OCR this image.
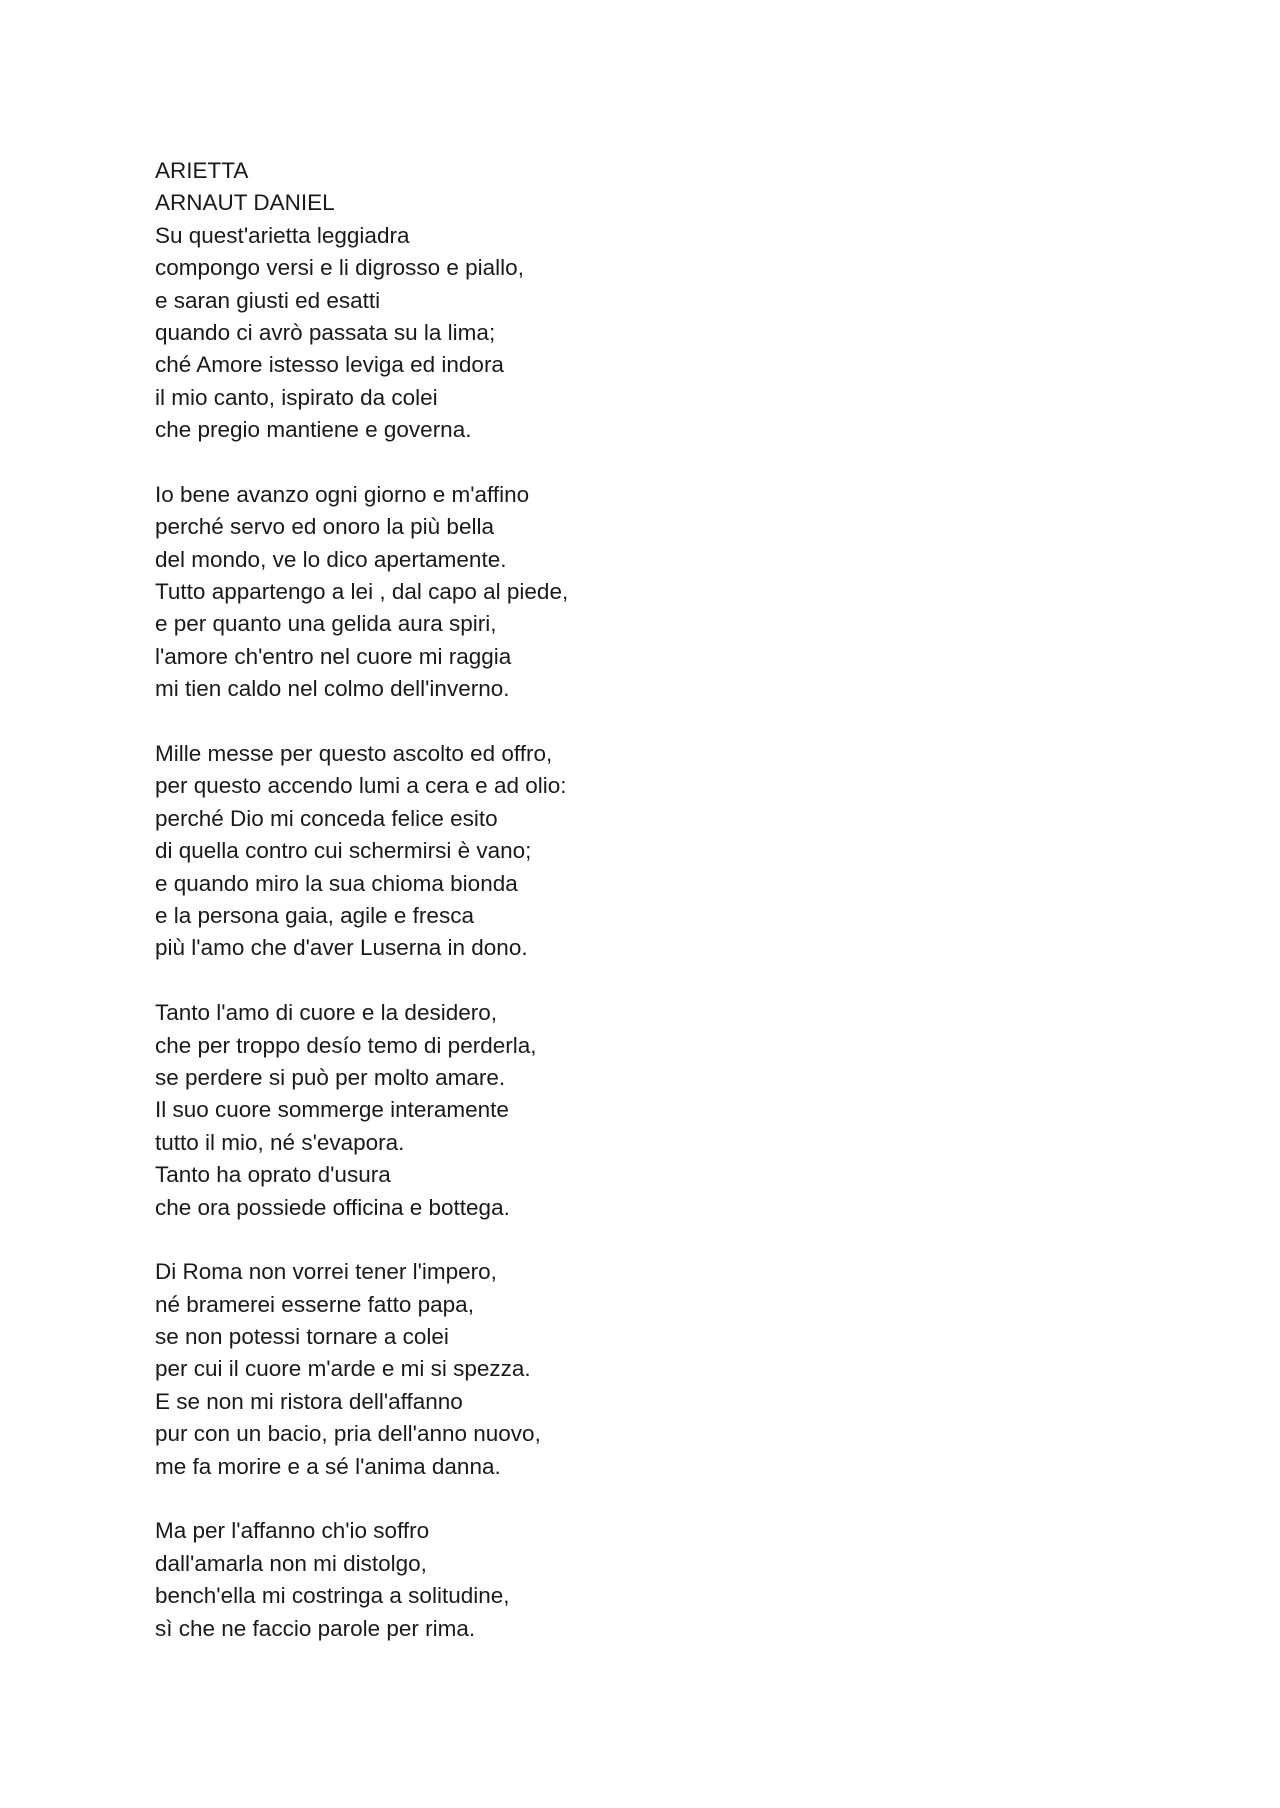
ARIETTA
ARNAUT DANIEL
Su quest'arietta leggiadra
compongo versi e li digrosso e piallo,
e saran giusti ed esatti
quando ci avrò passata su la lima;
ché Amore istesso leviga ed indora
il mio canto, ispirato da colei
che pregio mantiene e governa.
Io bene avanzo ogni giorno e m'affino
perché servo ed onoro la più bella
del mondo, ve lo dico apertamente.
Tutto appartengo a lei , dal capo al piede,
e per quanto una gelida aura spiri,
l'amore ch'entro nel cuore mi raggia
mi tien caldo nel colmo dell'inverno.
Mille messe per questo ascolto ed offro,
per questo accendo lumi a cera e ad olio:
perché Dio mi conceda felice esito
di quella contro cui schermirsi è vano;
e quando miro la sua chioma bionda
e la persona gaia, agile e fresca
più l'amo che d'aver Luserna in dono.
Tanto l'amo di cuore e la desidero,
che per troppo desío temo di perderla,
se perdere si può per molto amare.
Il suo cuore sommerge interamente
tutto il mio, né s'evapora.
Tanto ha oprato d'usura
che ora possiede officina e bottega.
Di Roma non vorrei tener l'impero,
né bramerei esserne fatto papa,
se non potessi tornare a colei
per cui il cuore m'arde e mi si spezza.
E se non mi ristora dell'affanno
pur con un bacio, pria dell'anno nuovo,
me fa morire e a sé l'anima danna.
Ma per l'affanno ch'io soffro
dall'amarla non mi distolgo,
bench'ella mi costringa a solitudine,
sì che ne faccio parole per rima.
